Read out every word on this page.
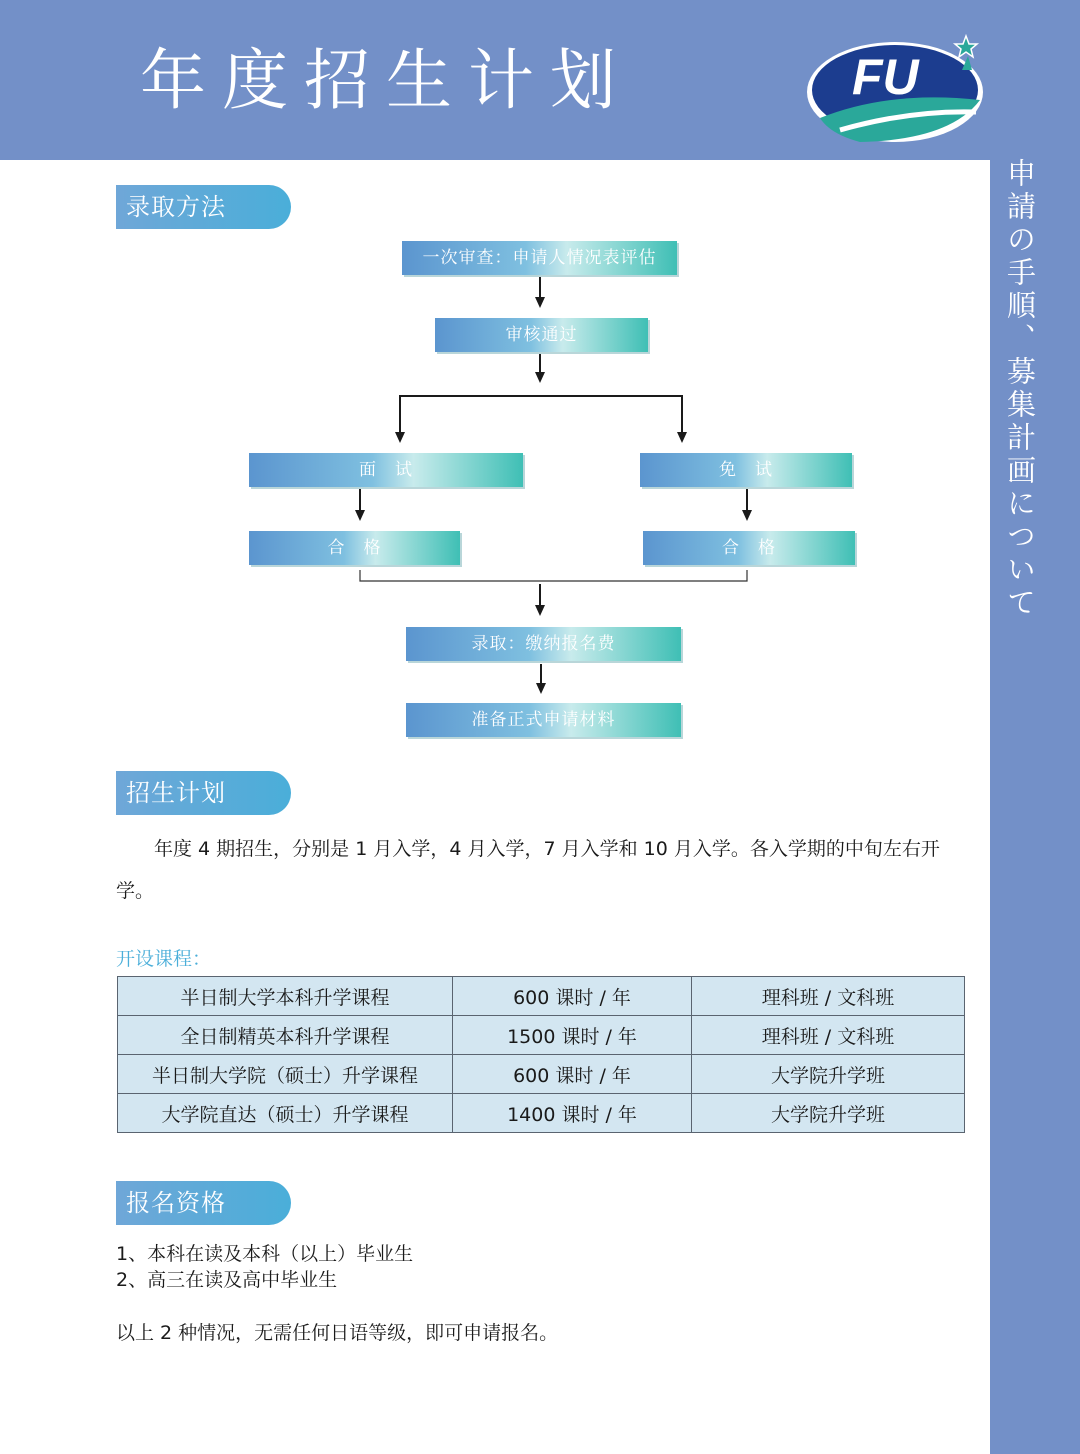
年度招生计划	FU
申請の手順、募集計画について
录取方法
一次审查：申请人情况表评估
审核通过
面　试	免　试
合　格	合　格
录取：缴纳报名费
准备正式申请材料
招生计划
年度 4 期招生，分别是 1 月入学，4 月入学，7 月入学和 10 月入学。各入学期的中旬左右开学。
开设课程：
半日制大学本科升学课程	600 课时 / 年	理科班 / 文科班
全日制精英本科升学课程	1500 课时 / 年	理科班 / 文科班
半日制大学院（硕士）升学课程	600 课时 / 年	大学院升学班
大学院直达（硕士）升学课程	1400 课时 / 年	大学院升学班
报名资格
1、本科在读及本科（以上）毕业生
2、高三在读及高中毕业生
以上 2 种情况，无需任何日语等级，即可申请报名。
